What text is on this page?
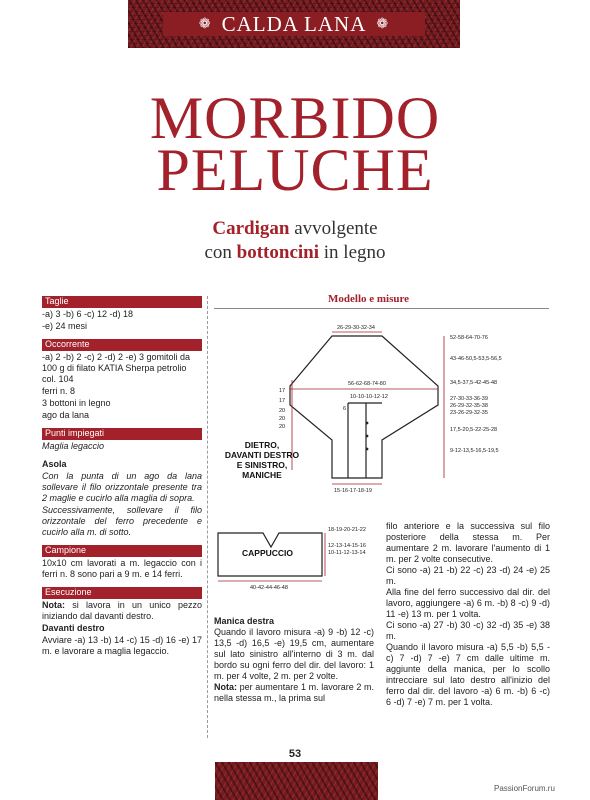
❁ CALDA LANA ❁
MORBIDO
PELUCHE
Cardigan avvolgente
con bottoncini in legno
Taglie

-a) 3 -b) 6 -c) 12 -d) 18

-e) 24 mesi

Occorrente

-a) 2 -b) 2 -c) 2 -d) 2 -e) 3 gomitoli da 100 g di filato KATIA Sherpa petrolio col. 104

ferri n. 8

3 bottoni in legno

ago da lana

Punti impiegati

Maglia legaccio

Asola

Con la punta di un ago da lana sollevare il filo orizzontale presente tra 2 maglie e cucirlo alla maglia di sopra.

Successivamente, sollevare il filo orizzontale del ferro precedente e cucirlo alla m. di sotto.

Campione

10x10 cm lavorati a m. legaccio con i ferri n. 8 sono pari a 9 m. e 14 ferri.

Esecuzione

Nota: si lavora in un unico pezzo iniziando dal davanti destro.

Davanti destro

Avviare -a) 13 -b) 14 -c) 15 -d) 16 -e) 17 m. e lavorare a maglia legaccio.

Modello e misure
26-29-30-32-34
52-58-64-70-76
43-46-50,5-53,5-56,5
34,5-37,5-42-45-48
27-30-33-36-39
26-29-32-35-38
23-26-29-32-35
17,5-20,5-22-25-28
9-12-13,5-16,5-19,5
56-62-68-74-80
10-10-10-12-12
6
17
17
20
20
20
15-16-17-18-19
DIETRO,
DAVANTI DESTRO
E SINISTRO,
MANICHE
CAPPUCCIO
18-19-20-21-22
12-13-14-15-16
10-11-12-13-14
40-42-44-46-48

Manica destra

Quando il lavoro misura -a) 9 -b) 12 -c) 13,5 -d) 16,5 -e) 19,5 cm, aumentare sul lato sinistro all'interno di 3 m. dal bordo su ogni ferro del dir. del lavoro: 1 m. per 4 volte, 2 m. per 2 volte.

Nota: per aumentare 1 m. lavorare 2 m. nella stessa m., la prima sul

filo anteriore e la successiva sul filo posteriore della stessa m. Per aumentare 2 m. lavorare l'aumento di 1 m. per 2 volte consecutive.

Ci sono -a) 21 -b) 22 -c) 23 -d) 24 -e) 25 m.

Alla fine del ferro successivo dal dir. del lavoro, aggiungere -a) 6 m. -b) 8 -c) 9 -d) 11 -e) 13 m. per 1 volta.

Ci sono -a) 27 -b) 30 -c) 32 -d) 35 -e) 38 m.

Quando il lavoro misura -a) 5,5 -b) 5,5 -c) 7 -d) 7 -e) 7 cm dalle ultime m. aggiunte della manica, per lo scollo intrecciare sul lato destro all'inizio del ferro dal dir. del lavoro -a) 6 m. -b) 6 -c) 6 -d) 7 -e) 7 m. per 1 volta.

53
PassionForum.ru
